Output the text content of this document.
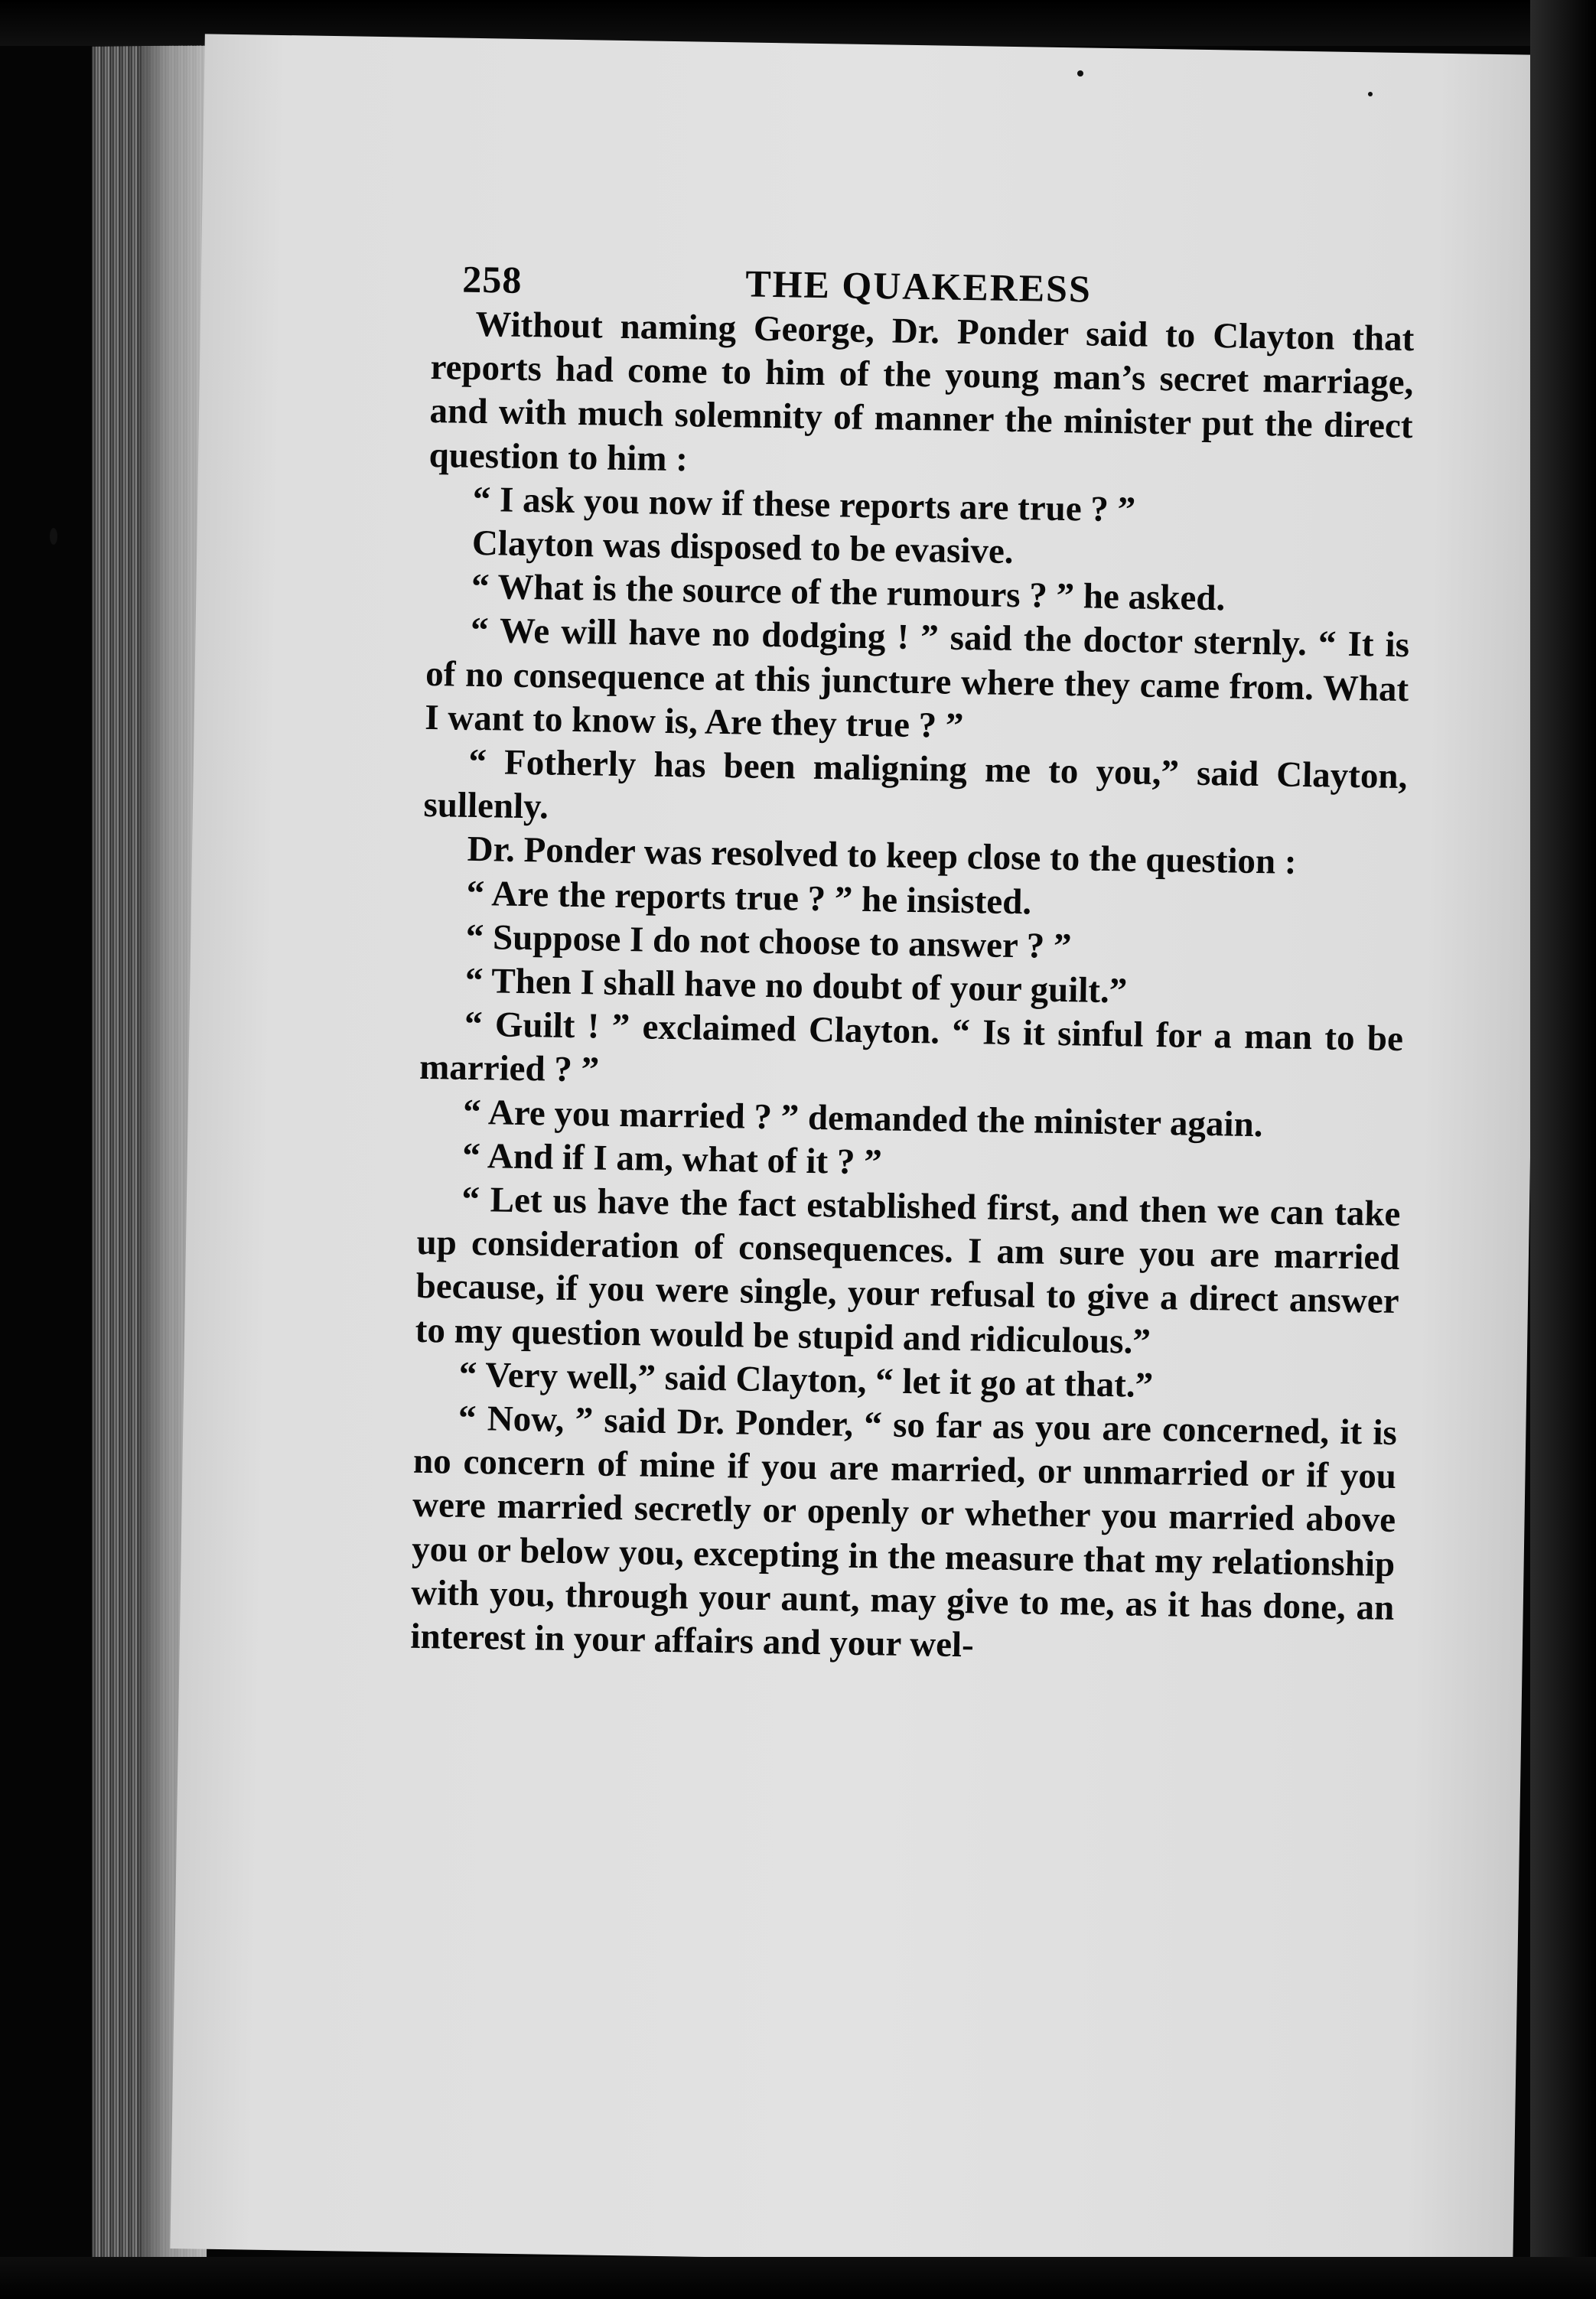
258	THE QUAKERESS

Without naming George, Dr. Ponder said to Clayton that reports had come to him of the young man’s secret marriage, and with much solemnity of manner the minister put the direct question to him :

“ I ask you now if these reports are true ? ”

Clayton was disposed to be evasive.

“ What is the source of the rumours ? ” he asked.

“ We will have no dodging ! ” said the doctor sternly. “ It is of no consequence at this juncture where they came from. What I want to know is, Are they true ? ”

“ Fotherly has been maligning me to you,” said Clayton, sullenly.

Dr. Ponder was resolved to keep close to the question :

“ Are the reports true ? ” he insisted.

“ Suppose I do not choose to answer ? ”

“ Then I shall have no doubt of your guilt.”

“ Guilt ! ” exclaimed Clayton. “ Is it sinful for a man to be married ? ”

“ Are you married ? ” demanded the minister again.

“ And if I am, what of it ? ”

“ Let us have the fact established first, and then we can take up consideration of consequences. I am sure you are married because, if you were single, your refusal to give a direct answer to my question would be stupid and ridiculous.”

“ Very well,” said Clayton, “ let it go at that.”

“ Now, ” said Dr. Ponder, “ so far as you are concerned, it is no concern of mine if you are married, or unmarried or if you were married secretly or openly or whether you married above you or below you, excepting in the measure that my relationship with you, through your aunt, may give to me, as it has done, an interest in your affairs and your wel-
